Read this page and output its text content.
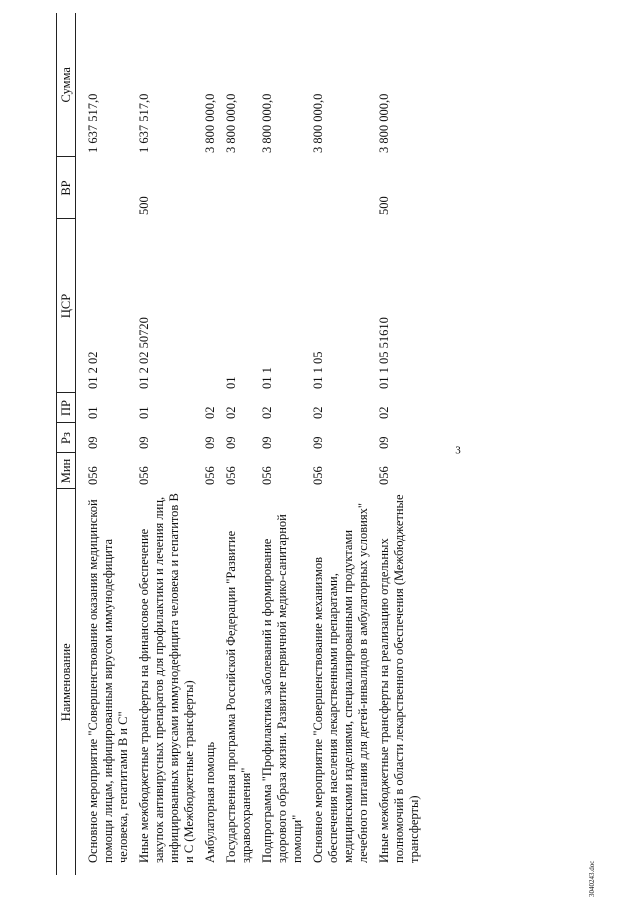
3
3040243.doc
Наименование	Мин	Рз	ПР	ЦСР	ВР	Сумма
Основное мероприятие "Совершенствование оказания медицинской помощи лицам, инфицированным вирусом иммунодефицита человека, гепатитами В и С"	056	09	01	01 2 02		1 637 517,0
Иные межбюджетные трансферты на финансовое обеспечение закупок антивирусных препаратов для профилактики и лечения лиц, инфицированных вирусами иммунодефицита человека и гепатитов В и С (Межбюджетные трансферты)	056	09	01	01 2 02 50720	500	1 637 517,0
Амбулаторная помощь	056	09	02			3 800 000,0
Государственная программа Российской Федерации "Развитие здравоохранения"	056	09	02	01		3 800 000,0
Подпрограмма "Профилактика заболеваний и формирование здорового образа жизни. Развитие первичной медико-санитарной помощи"	056	09	02	01 1		3 800 000,0
Основное мероприятие "Совершенствование механизмов обеспечения населения лекарственными препаратами, медицинскими изделиями, специализированными продуктами лечебного питания для детей-инвалидов в амбулаторных условиях"	056	09	02	01 1 05		3 800 000,0
Иные межбюджетные трансферты на реализацию отдельных полномочий в области лекарственного обеспечения (Межбюджетные трансферты)	056	09	02	01 1 05 51610	500	3 800 000,0
